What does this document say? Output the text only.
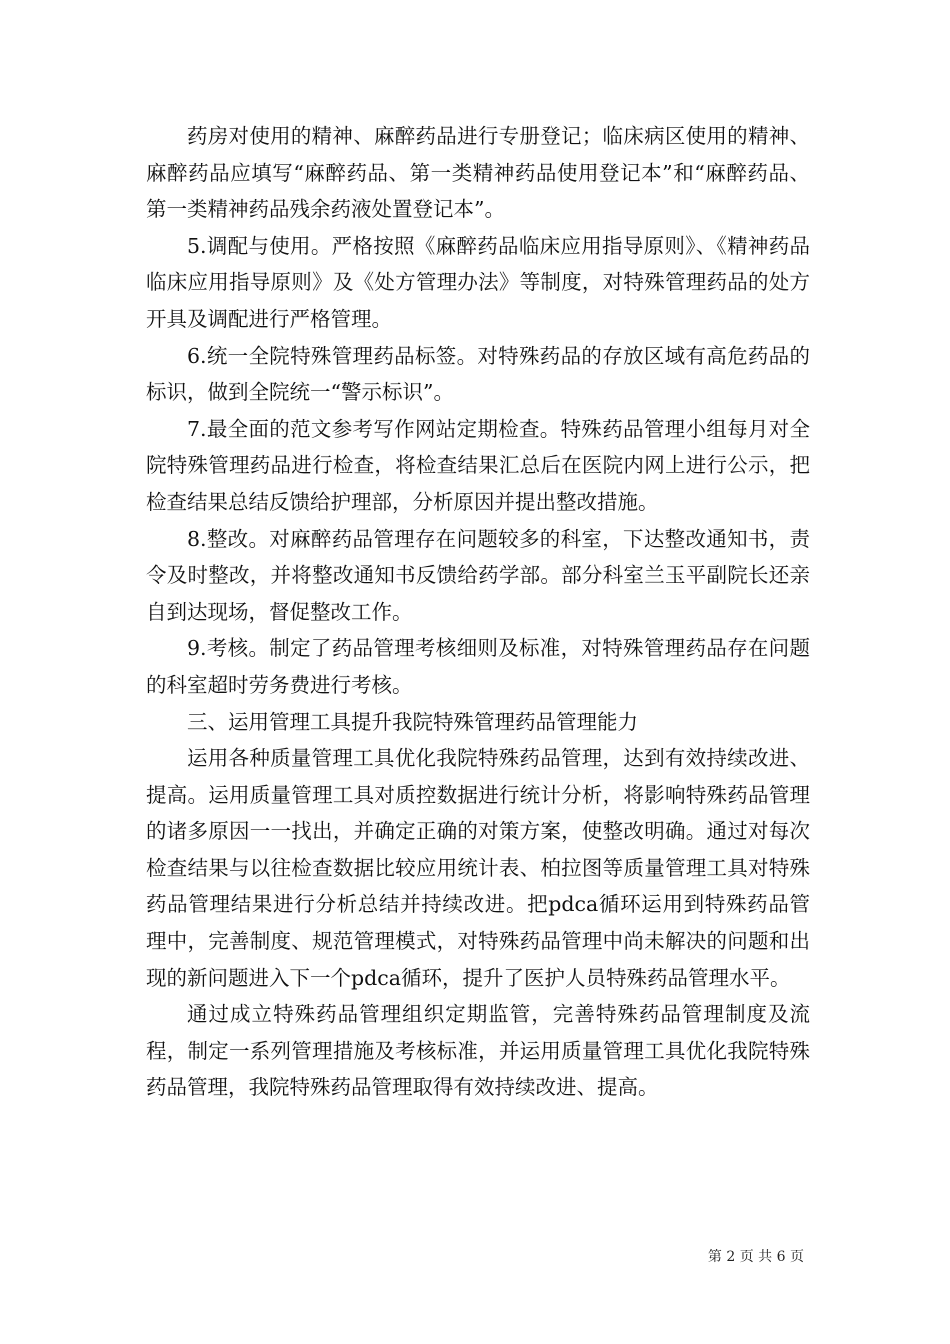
药房对使用的精神、麻醉药品进行专册登记；临床病区使用的精神、麻醉药品应填写“麻醉药品、第一类精神药品使用登记本”和“麻醉药品、第一类精神药品残余药液处置登记本”。

5.调配与使用。严格按照《麻醉药品临床应用指导原则》、《精神药品临床应用指导原则》及《处方管理办法》等制度，对特殊管理药品的处方开具及调配进行严格管理。

6.统一全院特殊管理药品标签。对特殊药品的存放区域有高危药品的标识，做到全院统一“警示标识”。

7.最全面的范文参考写作网站定期检查。特殊药品管理小组每月对全院特殊管理药品进行检查，将检查结果汇总后在医院内网上进行公示，把检查结果总结反馈给护理部，分析原因并提出整改措施。

8.整改。对麻醉药品管理存在问题较多的科室，下达整改通知书，责令及时整改，并将整改通知书反馈给药学部。部分科室兰玉平副院长还亲自到达现场，督促整改工作。

9.考核。制定了药品管理考核细则及标准，对特殊管理药品存在问题的科室超时劳务费进行考核。

三、运用管理工具提升我院特殊管理药品管理能力

运用各种质量管理工具优化我院特殊药品管理，达到有效持续改进、提高。运用质量管理工具对质控数据进行统计分析，将影响特殊药品管理的诸多原因一一找出，并确定正确的对策方案，使整改明确。通过对每次检查结果与以往检查数据比较应用统计表、柏拉图等质量管理工具对特殊药品管理结果进行分析总结并持续改进。把pdca循环运用到特殊药品管理中，完善制度、规范管理模式，对特殊药品管理中尚未解决的问题和出现的新问题进入下一个pdca循环，提升了医护人员特殊药品管理水平。

通过成立特殊药品管理组织定期监管，完善特殊药品管理制度及流程，制定一系列管理措施及考核标准，并运用质量管理工具优化我院特殊药品管理，我院特殊药品管理取得有效持续改进、提高。

第 2 页 共 6 页
